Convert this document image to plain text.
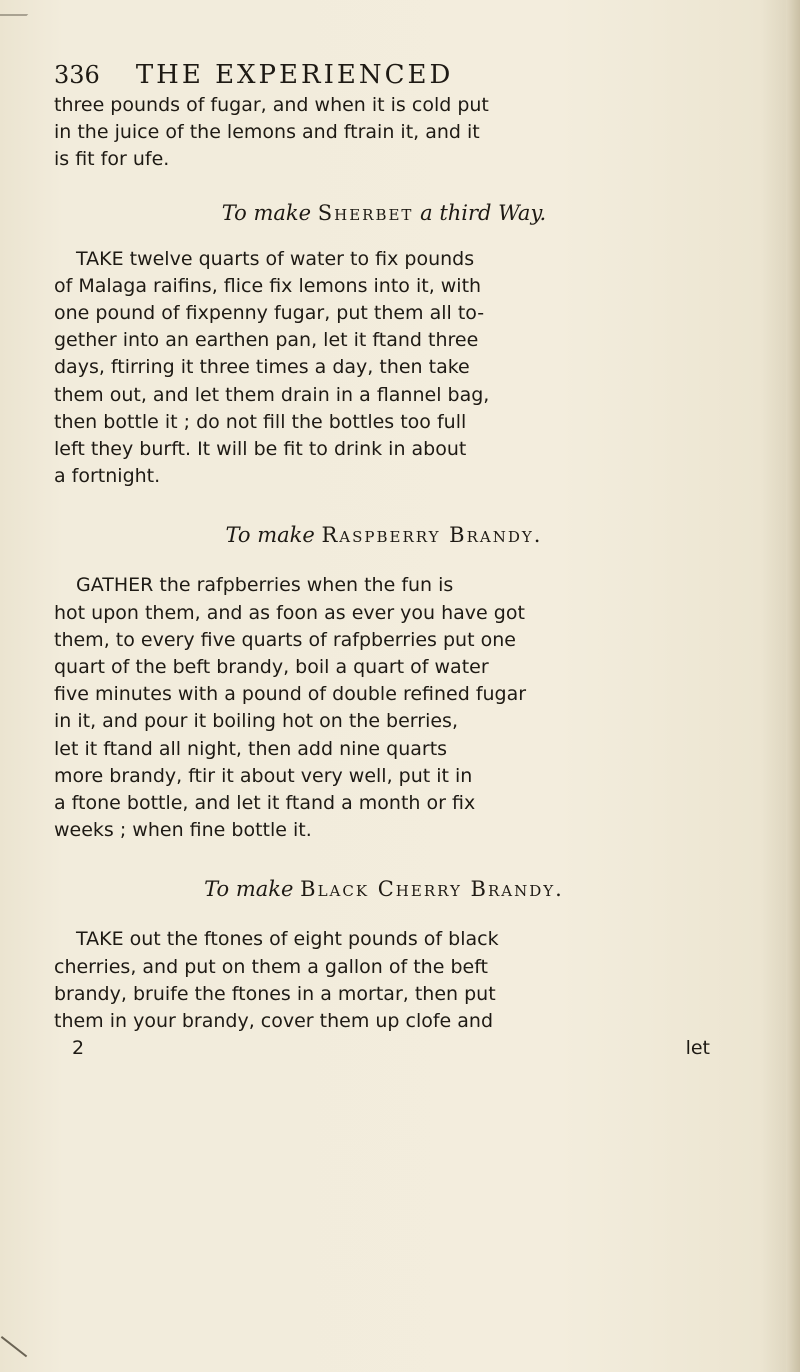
336 THE EXPERIENCED

three pounds of fugar, and when it is cold put
in the juice of the lemons and ftrain it, and it
is fit for ufe.

To make Sherbet a third Way.

TAKE twelve quarts of water to fix pounds
of Malaga raifins, flice fix lemons into it, with
one pound of fixpenny fugar, put them all to-
gether into an earthen pan, let it ftand three
days, ftirring it three times a day, then take
them out, and let them drain in a flannel bag,
then bottle it ; do not fill the bottles too full
left they burft. It will be fit to drink in about
a fortnight.

To make Raspberry Brandy.

GATHER the rafpberries when the fun is
hot upon them, and as foon as ever you have got
them, to every five quarts of rafpberries put one
quart of the beft brandy, boil a quart of water
five minutes with a pound of double refined fugar
in it, and pour it boiling hot on the berries,
let it ftand all night, then add nine quarts
more brandy, ftir it about very well, put it in
a ftone bottle, and let it ftand a month or fix
weeks ; when fine bottle it.

To make Black Cherry Brandy.

TAKE out the ftones of eight pounds of black
cherries, and put on them a gallon of the beft
brandy, bruife the ftones in a mortar, then put
them in your brandy, cover them up clofe and

2	let
